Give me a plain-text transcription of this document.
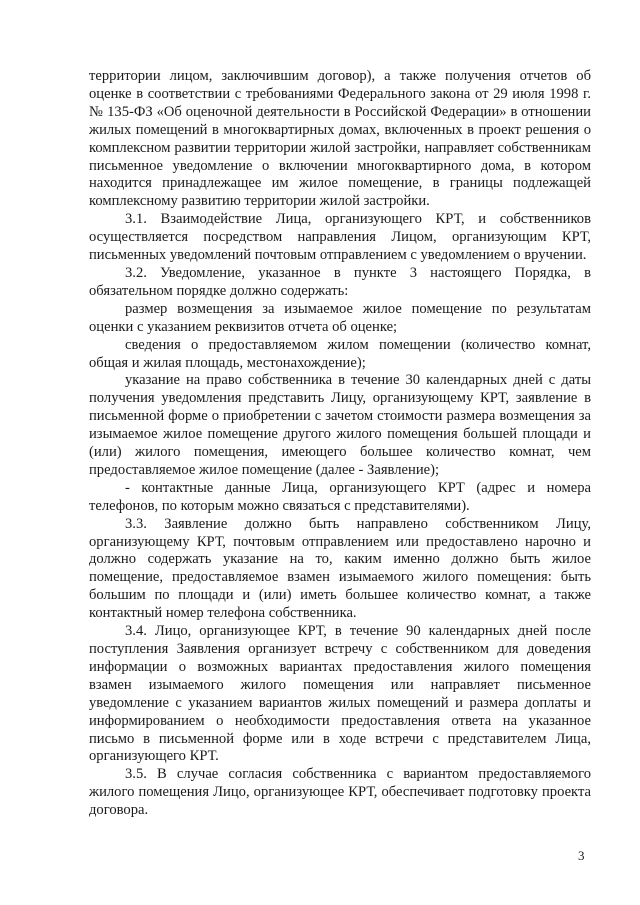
территории лицом, заключившим договор), а также получения отчетов об оценке в соответствии с требованиями Федерального закона от 29 июля 1998 г. № 135-ФЗ «Об оценочной деятельности в Российской Федерации» в отношении жилых помещений в многоквартирных домах, включенных в проект решения о комплексном развитии территории жилой застройки, направляет собственникам письменное уведомление о включении многоквартирного дома, в котором находится принадлежащее им жилое помещение, в границы подлежащей комплексному развитию территории жилой застройки.

3.1. Взаимодействие Лица, организующего КРТ, и собственников осуществляется посредством направления Лицом, организующим КРТ, письменных уведомлений почтовым отправлением с уведомлением о вручении.

3.2. Уведомление, указанное в пункте 3 настоящего Порядка, в обязательном порядке должно содержать:

размер возмещения за изымаемое жилое помещение по результатам оценки с указанием реквизитов отчета об оценке;

сведения о предоставляемом жилом помещении (количество комнат, общая и жилая площадь, местонахождение);

указание на право собственника в течение 30 календарных дней с даты получения уведомления представить Лицу, организующему КРТ, заявление в письменной форме о приобретении с зачетом стоимости размера возмещения за изымаемое жилое помещение другого жилого помещения большей площади и (или) жилого помещения, имеющего большее количество комнат, чем предоставляемое жилое помещение (далее - Заявление);

- контактные данные Лица, организующего КРТ (адрес и номера телефонов, по которым можно связаться с представителями).

3.3. Заявление должно быть направлено собственником Лицу, организующему КРТ, почтовым отправлением или предоставлено нарочно и должно содержать указание на то, каким именно должно быть жилое помещение, предоставляемое взамен изымаемого жилого помещения: быть большим по площади и (или) иметь большее количество комнат, а также контактный номер телефона собственника.

3.4. Лицо, организующее КРТ, в течение 90 календарных дней после поступления Заявления организует встречу с собственником для доведения информации о возможных вариантах предоставления жилого помещения взамен изымаемого жилого помещения или направляет письменное уведомление с указанием вариантов жилых помещений и размера доплаты и информированием о необходимости предоставления ответа на указанное письмо в письменной форме или в ходе встречи с представителем Лица, организующего КРТ.

3.5. В случае согласия собственника с вариантом предоставляемого жилого помещения Лицо, организующее КРТ, обеспечивает подготовку проекта договора.

3
